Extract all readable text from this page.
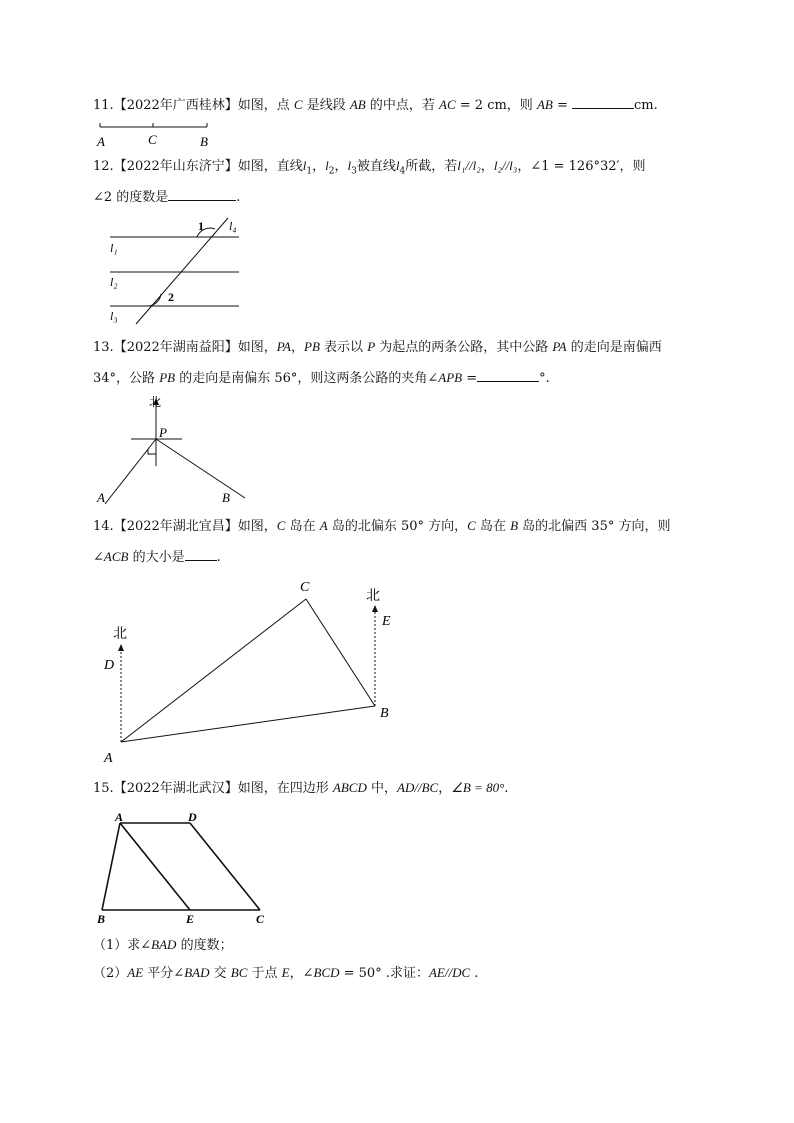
11.【2022年广西桂林】如图，点 C 是线段 AB 的中点，若 AC = 2 cm，则 AB =	cm.
A	C	B
12.【2022年山东济宁】如图，直线$l_1$，$l_2$，$l_3$被直线$l_4$所截，若l₁//l₂，l₂//l₃，∠1 = 126°32′，则
∠2 的度数是	.
1
2
l₄
l₁
l₂
l₃
13.【2022年湖南益阳】如图，PA，PB 表示以 P 为起点的两条公路，其中公路 PA 的走向是南偏西
34°，公路 PB 的走向是南偏东 56°，则这两条公路的夹角∠APB =	°.
北
P
A	B
14.【2022年湖北宜昌】如图，C 岛在 A 岛的北偏东 50° 方向，C 岛在 B 岛的北偏西 35° 方向，则
∠ACB 的大小是 .
C
北
E
北
D
B
A
15.【2022年湖北武汉】如图，在四边形 ABCD 中，AD//BC，∠B = 80°.
A	D
B	E	C
（1）求∠BAD 的度数；
（2）AE 平分∠BAD 交 BC 于点 E，∠BCD = 50° .求证：AE//DC .
